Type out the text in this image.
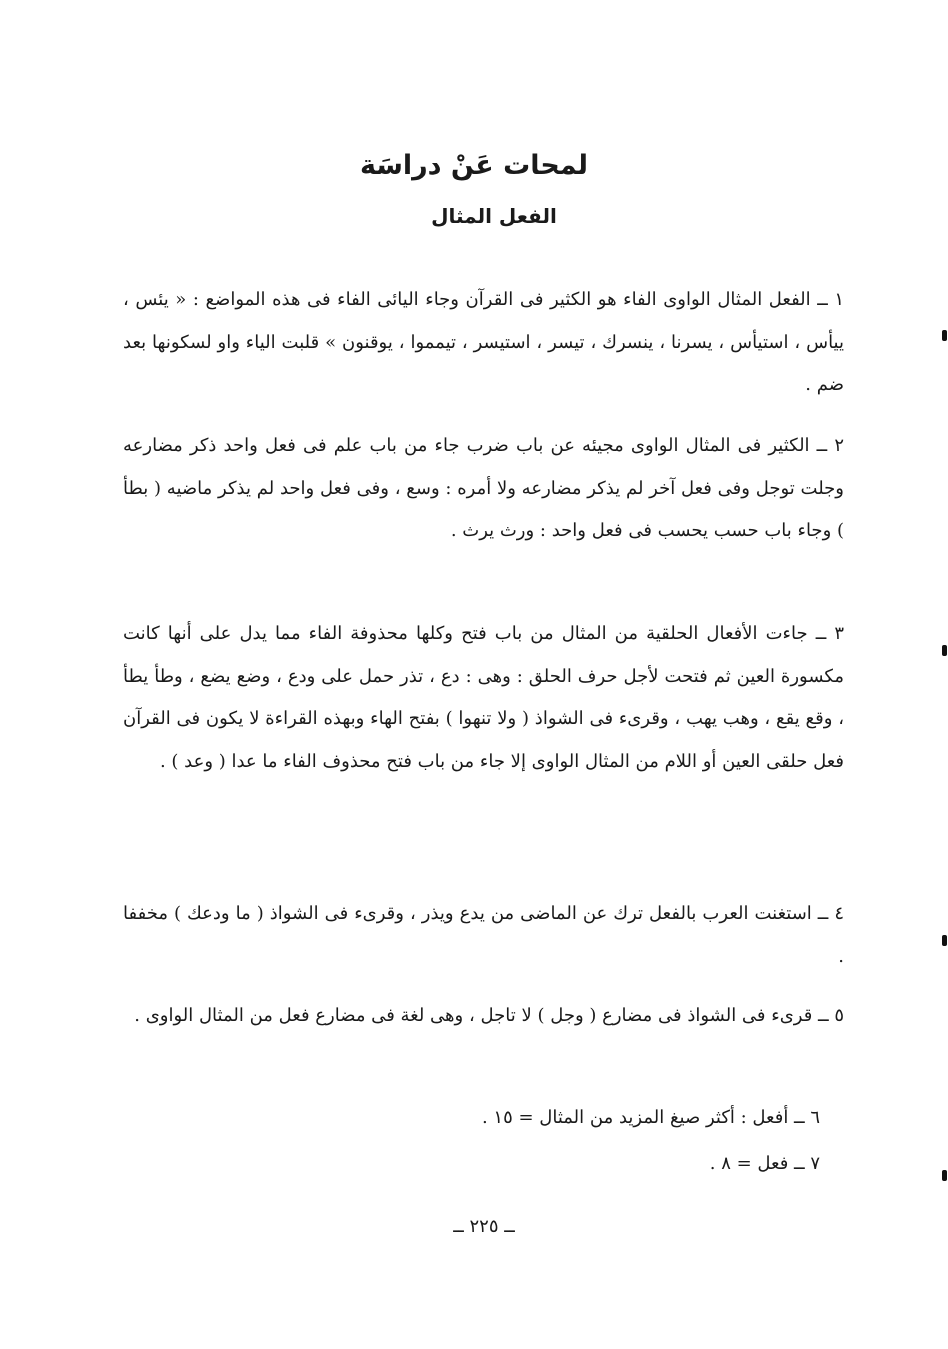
لمحات عَنْ دراسَة
الفعل المثال

١ ــ الفعل المثال الواوى الفاء هو الكثير فى القرآن وجاء اليائى الفاء فى هذه المواضع : « يئس ، ييأس ، استيأس ، يسرنا ، ينسرك ، تيسر ، استيسر ، تيمموا ، يوقنون » قلبت الياء واو لسكونها بعد ضم .

٢ ــ الكثير فى المثال الواوى مجيئه عن باب ضرب جاء من باب علم فى فعل واحد ذكر مضارعه وجلت توجل وفى فعل آخر لم يذكر مضارعه ولا أمره : وسع ، وفى فعل واحد لم يذكر ماضيه ( بطأ ) وجاء باب حسب يحسب فى فعل واحد : ورث يرث .

٣ ــ جاءت الأفعال الحلقية من المثال من باب فتح وكلها محذوفة الفاء مما يدل على أنها كانت مكسورة العين ثم فتحت لأجل حرف الحلق : وهى : دع ، تذر حمل على ودع ، وضع يضع ، وطأ يطأ ، وقع يقع ، وهب يهب ، وقرىء فى الشواذ ( ولا تنهوا ) بفتح الهاء وبهذه القراءة لا يكون فى القرآن فعل حلقى العين أو اللام من المثال الواوى إلا جاء من باب فتح محذوف الفاء ما عدا ( وعد ) .

٤ ــ استغنت العرب بالفعل ترك عن الماضى من يدع ويذر ، وقرىء فى الشواذ ( ما ودعك ) مخففا .

٥ ــ قرىء فى الشواذ فى مضارع ( وجل ) لا تاجل ، وهى لغة فى مضارع فعل من المثال الواوى .

٦ ــ أفعل : أكثر صيغ المزيد من المثال = ١٥ .

٧ ــ فعل = ٨ .

ــ ٢٢٥ ــ
